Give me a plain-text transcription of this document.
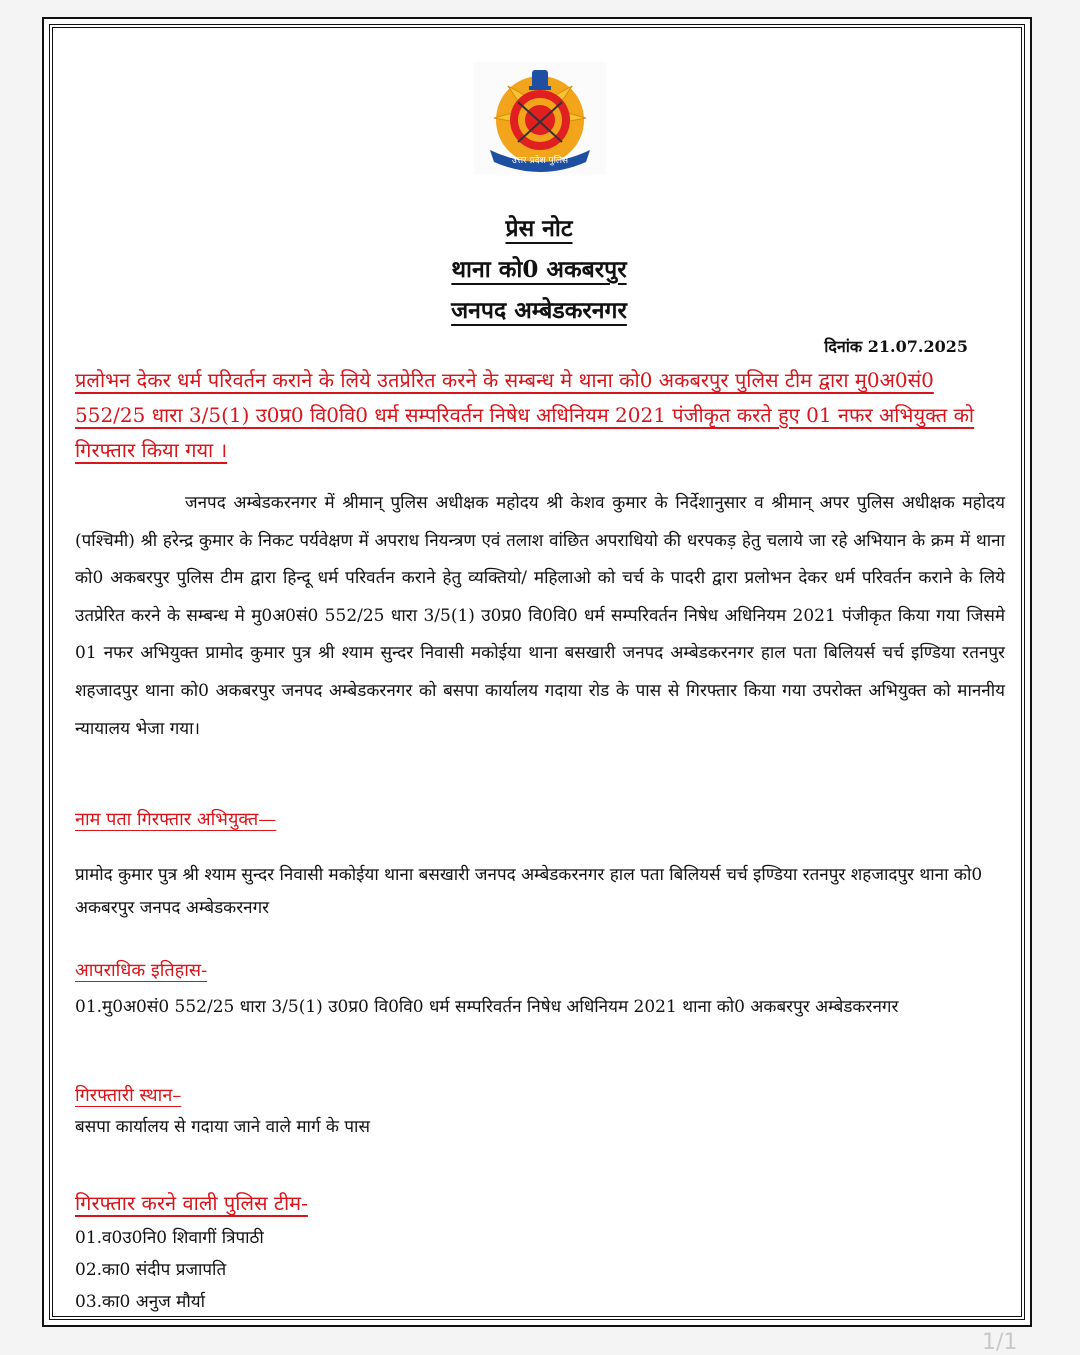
उत्तर प्रदेश पुलिस
प्रेस नोट
थाना को0 अकबरपुर
जनपद अम्बेडकरनगर
दिनांक 21.07.2025
प्रलोभन देकर धर्म परिवर्तन कराने के लिये उतप्रेरित करने के सम्बन्ध मे थाना को0 अकबरपुर पुलिस टीम द्वारा मु0अ0सं0 552/25 धारा 3/5(1) उ0प्र0 वि0वि0 धर्म सम्परिवर्तन निषेध अधिनियम 2021 पंजीकृत करते हुए 01 नफर अभियुक्त को गिरफ्तार किया गया ।
जनपद अम्बेडकरनगर में श्रीमान् पुलिस अधीक्षक महोदय श्री केशव कुमार के निर्देशानुसार व श्रीमान् अपर पुलिस अधीक्षक महोदय (पश्चिमी) श्री हरेन्द्र कुमार के निकट पर्यवेक्षण में अपराध नियन्त्रण एवं तलाश वांछित अपराधियो की धरपकड़ हेतु चलाये जा रहे अभियान के क्रम में थाना को0 अकबरपुर पुलिस टीम द्वारा हिन्दू धर्म परिवर्तन कराने हेतु व्यक्तियो/ महिलाओ को चर्च के पादरी द्वारा प्रलोभन देकर धर्म परिवर्तन कराने के लिये उतप्रेरित करने के सम्बन्ध मे मु0अ0सं0 552/25 धारा 3/5(1) उ0प्र0 वि0वि0 धर्म सम्परिवर्तन निषेध अधिनियम 2021 पंजीकृत किया गया जिसमे 01 नफर अभियुक्त प्रामोद कुमार पुत्र श्री श्याम सुन्दर निवासी मकोईया थाना बसखारी जनपद अम्बेडकरनगर हाल पता बिलियर्स चर्च इण्डिया रतनपुर शहजादपुर थाना को0 अकबरपुर जनपद अम्बेडकरनगर को बसपा कार्यालय गदाया रोड के पास से गिरफ्तार किया गया उपरोक्त अभियुक्त को माननीय न्यायालय भेजा गया।
नाम पता गिरफ्तार अभियुक्त—
प्रामोद कुमार पुत्र श्री श्याम सुन्दर निवासी मकोईया थाना बसखारी जनपद अम्बेडकरनगर हाल पता बिलियर्स चर्च इण्डिया रतनपुर शहजादपुर थाना को0 अकबरपुर जनपद अम्बेडकरनगर
आपराधिक इतिहास-
01.मु0अ0सं0 552/25 धारा 3/5(1) उ0प्र0 वि0वि0 धर्म सम्परिवर्तन निषेध अधिनियम 2021 थाना को0 अकबरपुर अम्बेडकरनगर
गिरफ्तारी स्थान–
बसपा कार्यालय से गदाया जाने वाले मार्ग के पास
गिरफ्तार करने वाली पुलिस टीम-
01.व0उ0नि0 शिवागीं त्रिपाठी
02.का0 संदीप प्रजापति
03.का0 अनुज मौर्या
1/1
